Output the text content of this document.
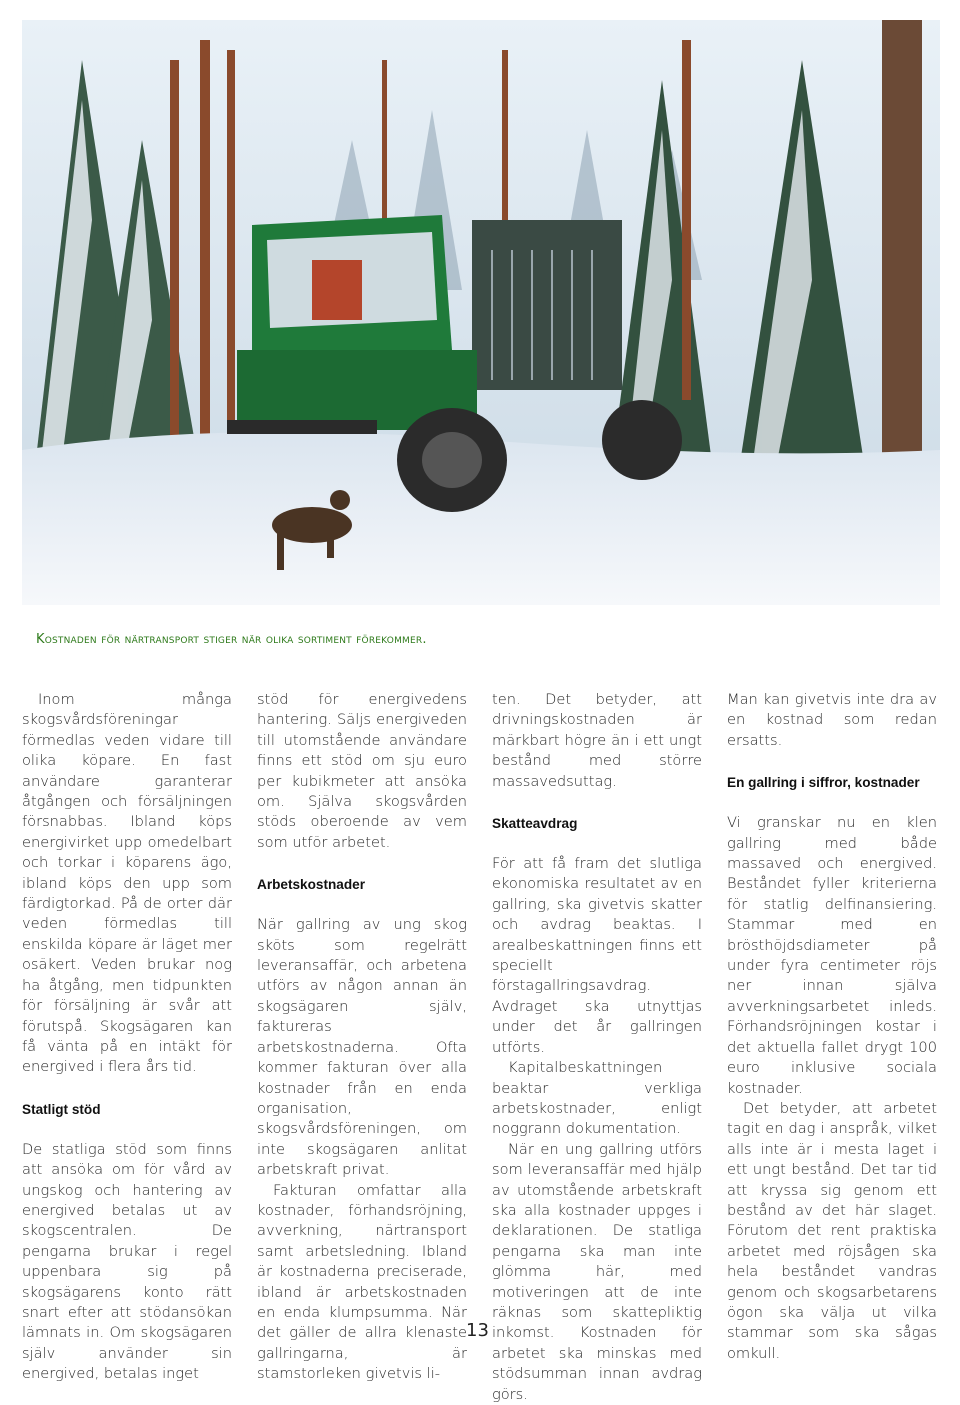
Kostnaden för närtransport stiger när olika sortiment förekommer.

Inom många skogsvårdsföreningar förmedlas veden vidare till olika köpare. En fast användare garanterar åtgången och försäljningen försnabbas. Ibland köps energivirket upp omedelbart och torkar i köparens ägo, ibland köps den upp som färdigtorkad. På de orter där veden förmedlas till enskilda köpare är läget mer osäkert. Veden brukar nog ha åtgång, men tidpunkten för försäljning är svår att förutspå. Skogsägaren kan få vänta på en intäkt för energived i flera års tid.

Statligt stöd

De statliga stöd som finns att ansöka om för vård av ungskog och hantering av energived betalas ut av skogscentralen. De pengarna brukar i regel uppenbara sig på skogsägarens konto rätt snart efter att stödansökan lämnats in. Om skogsägaren själv använder sin energived, betalas inget

stöd för energivedens hantering. Säljs energiveden till utomstående användare finns ett stöd om sju euro per kubikmeter att ansöka om. Själva skogsvården stöds oberoende av vem som utför arbetet.

Arbetskostnader

När gallring av ung skog sköts som regelrätt leveransaffär, och arbetena utförs av någon annan än skogsägaren själv, faktureras arbetskostnaderna. Ofta kommer fakturan över alla kostnader från en enda organisation, skogsvårdsföreningen, om inte skogsägaren anlitat arbetskraft privat.

Fakturan omfattar alla kostnader, förhandsröjning, avverkning, närtransport samt arbetsledning. Ibland är kostnaderna preciserade, ibland är arbetskostnaden en enda klumpsumma. När det gäller de allra klenaste gallringarna, är stamstorleken givetvis li-

ten. Det betyder, att drivningskostnaden är märkbart högre än i ett ungt bestånd med större massavedsuttag.

Skatteavdrag

För att få fram det slutliga ekonomiska resultatet av en gallring, ska givetvis skatter och avdrag beaktas. I arealbeskattningen finns ett speciellt förstagallringsavdrag. Avdraget ska utnyttjas under det år gallringen utförts.

Kapitalbeskattningen beaktar verkliga arbetskostnader, enligt noggrann dokumentation.

När en ung gallring utförs som leveransaffär med hjälp av utomstående arbetskraft ska alla kostnader uppges i deklarationen. De statliga pengarna ska man inte glömma här, med motiveringen att de inte räknas som skattepliktig inkomst. Kostnaden för arbetet ska minskas med stödsumman innan avdrag görs.

Man kan givetvis inte dra av en kostnad som redan ersatts.

En gallring i siffror, kostnader

Vi granskar nu en klen gallring med både massaved och energived. Beståndet fyller kriterierna för statlig delfinansiering. Stammar med en brösthöjdsdiameter på under fyra centimeter röjs ner innan själva avverkningsarbetet inleds. Förhandsröjningen kostar i det aktuella fallet drygt 100 euro inklusive sociala kostnader.

Det betyder, att arbetet tagit en dag i anspråk, vilket alls inte är i mesta laget i ett ungt bestånd. Det tar tid att kryssa sig genom ett bestånd av det här slaget. Förutom det rent praktiska arbetet med röjsågen ska hela beståndet vandras genom och skogsarbetarens ögon ska välja ut vilka stammar som ska sågas omkull.

13
